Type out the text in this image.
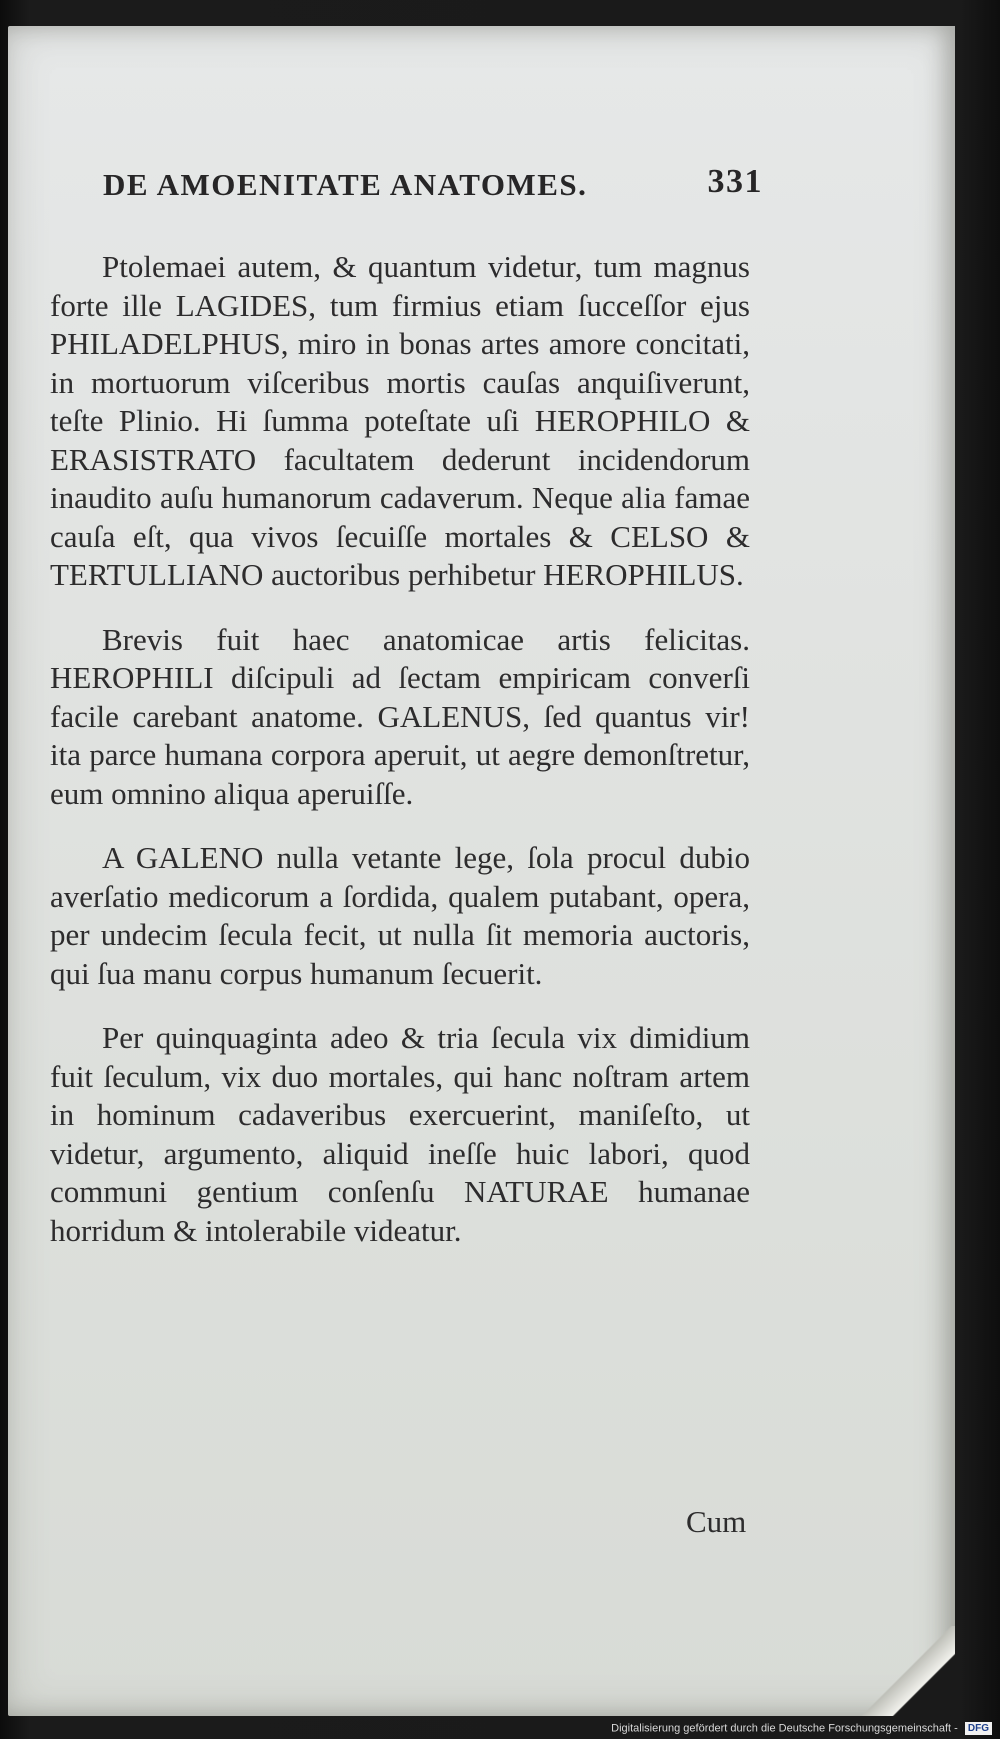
DE AMOENITATE ANATOMES.	331

Ptolemaei autem, & quantum videtur, tum magnus forte ille LAGIDES, tum firmius etiam ſucceſſor ejus PHILADELPHUS, miro in bonas artes amore concitati, in mortuorum viſceribus mortis cauſas anquiſiverunt, teſte Plinio. Hi ſumma poteſtate uſi HEROPHILO & ERASISTRATO facultatem dederunt incidendorum inaudito auſu humanorum cadaverum. Neque alia famae cauſa eſt, qua vivos ſecuiſſe mortales & CELSO & TERTULLIANO auctoribus perhibetur HEROPHILUS.

Brevis fuit haec anatomicae artis felicitas. HEROPHILI diſcipuli ad ſectam empiricam converſi facile carebant anatome. GALENUS, ſed quantus vir! ita parce humana corpora aperuit, ut aegre demonſtretur, eum omnino aliqua aperuiſſe.

A GALENO nulla vetante lege, ſola procul dubio averſatio medicorum a ſordida, qualem putabant, opera, per undecim ſecula fecit, ut nulla ſit memoria auctoris, qui ſua manu corpus humanum ſecuerit.

Per quinquaginta adeo & tria ſecula vix dimidium fuit ſeculum, vix duo mortales, qui hanc noſtram artem in hominum cadaveribus exercuerint, maniſeſto, ut videtur, argumento, aliquid ineſſe huic labori, quod communi gentium conſenſu NATURAE humanae horridum & intolerabile videatur.

Cum
Digitalisierung gefördert durch die Deutsche Forschungsgemeinschaft - DFG
